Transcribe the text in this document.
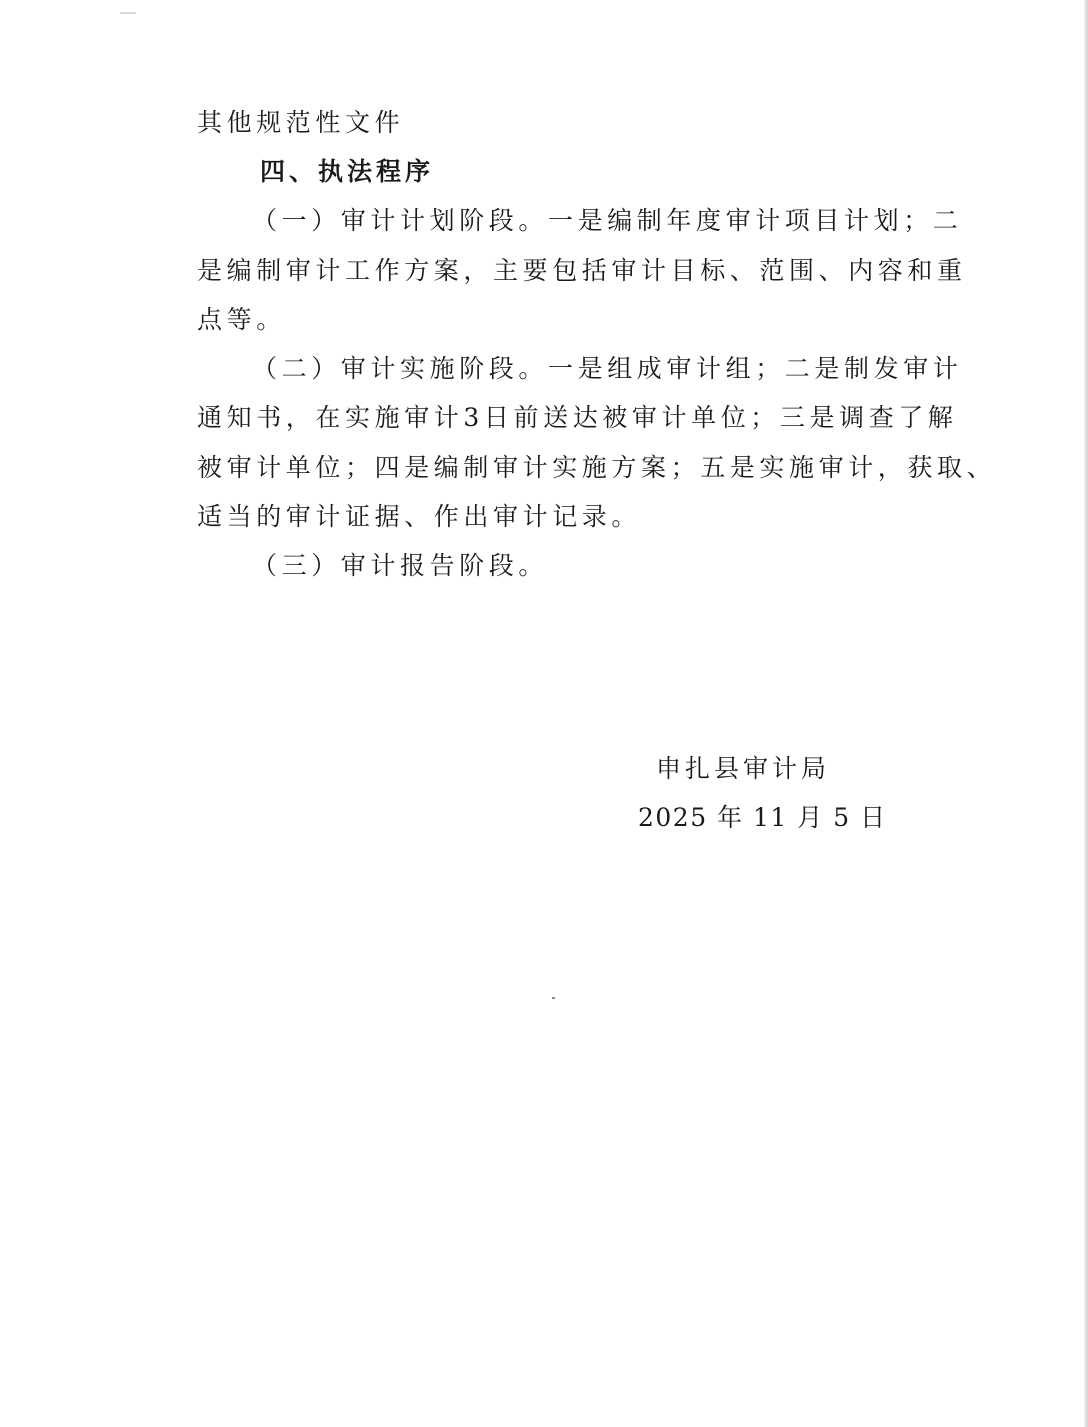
其他规范性文件

四、执法程序

（一）审计计划阶段。一是编制年度审计项目计划；二

是编制审计工作方案，主要包括审计目标、范围、内容和重

点等。

（二）审计实施阶段。一是组成审计组；二是制发审计

通知书，在实施审计3日前送达被审计单位；三是调查了解

被审计单位；四是编制审计实施方案；五是实施审计，获取、

适当的审计证据、作出审计记录。

（三）审计报告阶段。

申扎县审计局

2025 年 11 月 5 日
